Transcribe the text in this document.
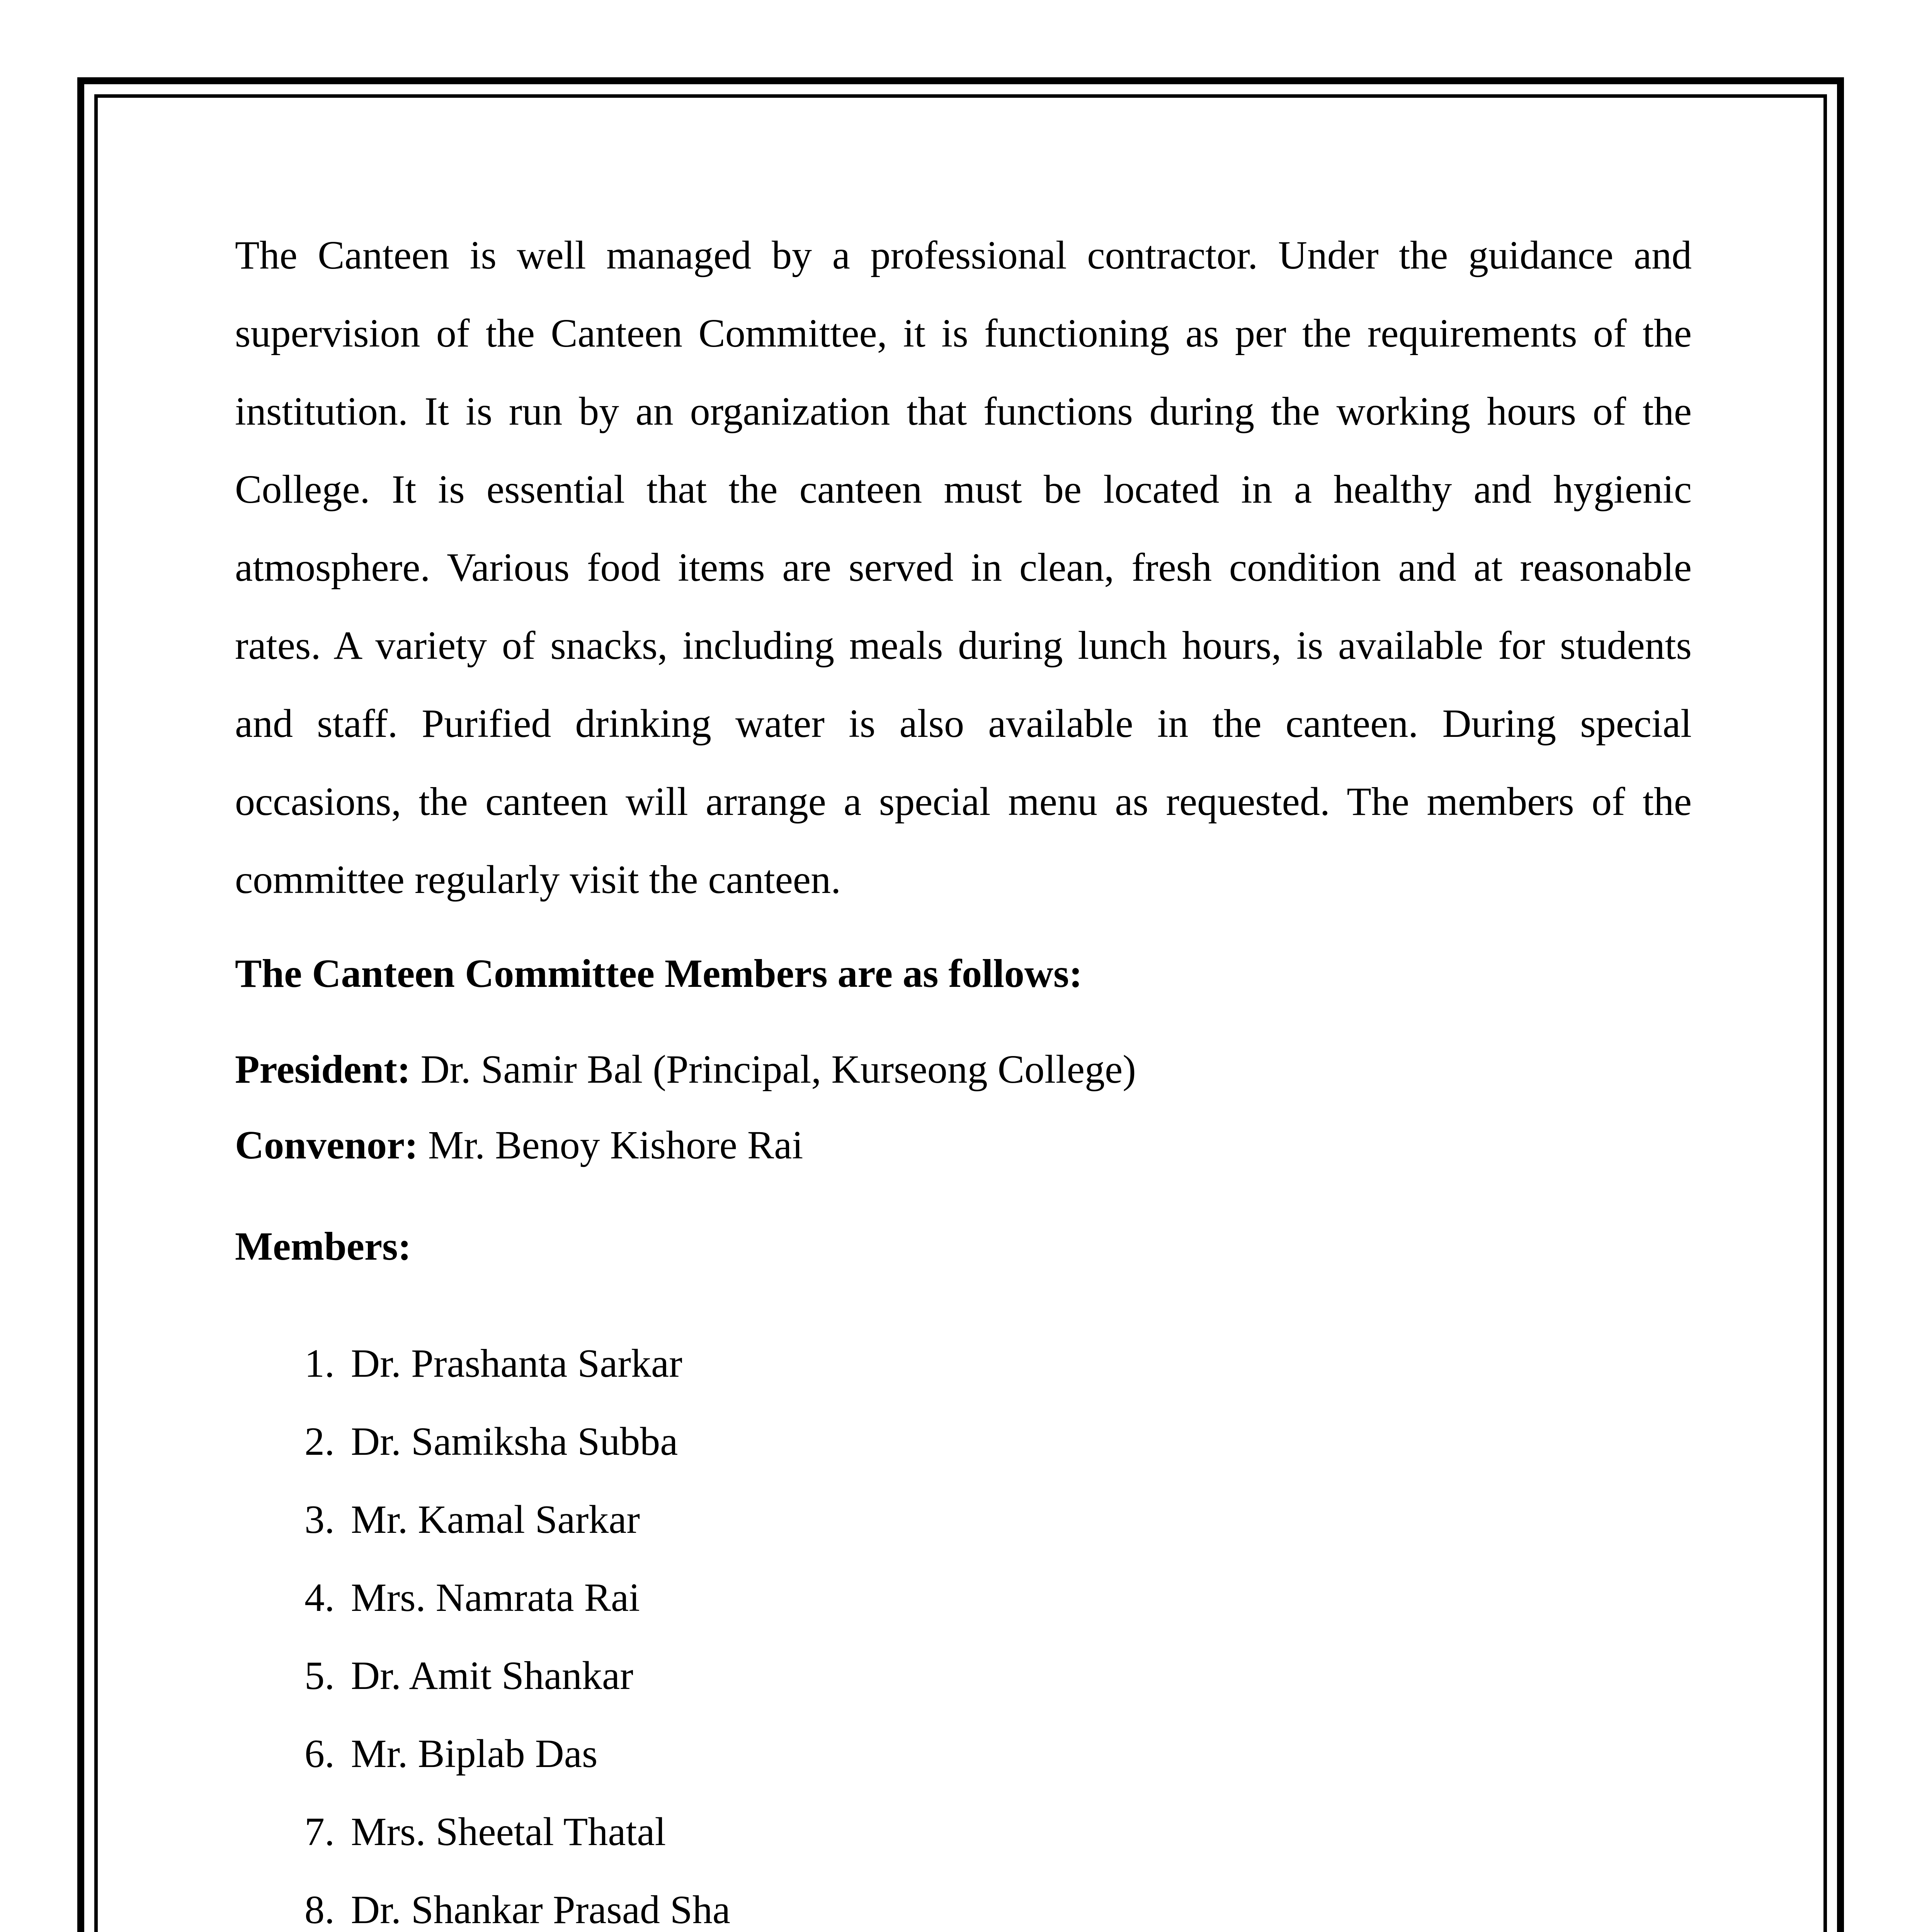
The Canteen is well managed by a professional contractor. Under the guidance and supervision of the Canteen Committee, it is functioning as per the requirements of the institution. It is run by an organization that functions during the working hours of the College. It is essential that the canteen must be located in a healthy and hygienic atmosphere. Various food items are served in clean, fresh condition and at reasonable rates. A variety of snacks, including meals during lunch hours, is available for students and staff. Purified drinking water is also available in the canteen. During special occasions, the canteen will arrange a special menu as requested. The members of the committee regularly visit the canteen.

The Canteen Committee Members are as follows:

President: Dr. Samir Bal (Principal, Kurseong College)

Convenor: Mr. Benoy Kishore Rai

Members:

1. Dr. Prashanta Sarkar
2. Dr. Samiksha Subba
3. Mr. Kamal Sarkar
4. Mrs. Namrata Rai
5. Dr. Amit Shankar
6. Mr. Biplab Das
7. Mrs. Sheetal Thatal
8. Dr. Shankar Prasad Sha
